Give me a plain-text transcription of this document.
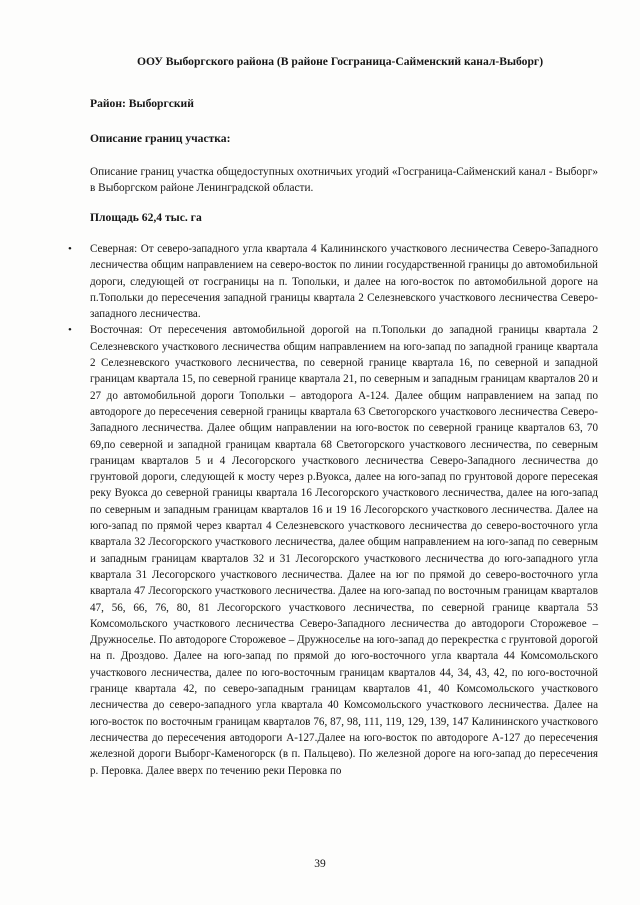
ООУ Выборгского района (В районе Госграница-Сайменский канал-Выборг)
Район: Выборгский
Описание границ участка:
Описание границ участка общедоступных охотничьих угодий «Госграница-Сайменский канал - Выборг» в Выборгском районе Ленинградской области.
Площадь 62,4 тыс. га
• Северная: От северо-западного угла квартала 4 Калининского участкового лесничества Северо-Западного лесничества общим направлением на северо-восток по линии государственной границы до автомобильной дороги, следующей от госграницы на п. Топольки, и далее на юго-восток по автомобильной дороге на п.Топольки до пересечения западной границы квартала 2 Селезневского участкового лесничества Северо-западного лесничества.
• Восточная: От пересечения автомобильной дорогой на п.Топольки до западной границы квартала 2 Селезневского участкового лесничества общим направлением на юго-запад по западной границе квартала 2 Селезневского участкового лесничества, по северной границе квартала 16, по северной и западной границам квартала 15, по северной границе квартала 21, по северным и западным границам кварталов 20 и 27 до автомобильной дороги Топольки – автодорога А-124. Далее общим направлением на запад по автодороге до пересечения северной границы квартала 63 Светогорского участкового лесничества Северо-Западного лесничества. Далее общим направлении на юго-восток по северной границе кварталов 63, 70 69,по северной и западной границам квартала 68 Светогорского участкового лесничества, по северным границам кварталов 5 и 4 Лесогорского участкового лесничества Северо-Западного лесничества до грунтовой дороги, следующей к мосту через р.Вуокса, далее на юго-запад по грунтовой дороге пересекая реку Вуокса до северной границы квартала 16 Лесогорского участкового лесничества, далее на юго-запад по северным и западным границам кварталов 16 и 19 16 Лесогорского участкового лесничества. Далее на юго-запад по прямой через квартал 4 Селезневского участкового лесничества до северо-восточного угла квартала 32 Лесогорского участкового лесничества, далее общим направлением на юго-запад по северным и западным границам кварталов 32 и 31 Лесогорского участкового лесничества до юго-западного угла квартала 31 Лесогорского участкового лесничества. Далее на юг по прямой до северо-восточного угла квартала 47 Лесогорского участкового лесничества. Далее на юго-запад по восточным границам кварталов 47, 56, 66, 76, 80, 81 Лесогорского участкового лесничества, по северной границе квартала 53 Комсомольского участкового лесничества Северо-Западного лесничества до автодороги Сторожевое – Дружноселье. По автодороге Сторожевое – Дружноселье на юго-запад до перекрестка с грунтовой дорогой на п. Дроздово. Далее на юго-запад по прямой до юго-восточного угла квартала 44 Комсомольского участкового лесничества, далее по юго-восточным границам кварталов 44, 34, 43, 42, по юго-восточной границе квартала 42, по северо-западным границам кварталов 41, 40 Комсомольского участкового лесничества до северо-западного угла квартала 40 Комсомольского участкового лесничества. Далее на юго-восток по восточным границам кварталов 76, 87, 98, 111, 119, 129, 139, 147 Калининского участкового лесничества до пересечения автодороги А-127.Далее на юго-восток по автодороге А-127 до пересечения железной дороги Выборг-Каменогорск (в п. Пальцево). По железной дороге на юго-запад до пересечения р. Перовка. Далее вверх по течению реки Перовка по
39
